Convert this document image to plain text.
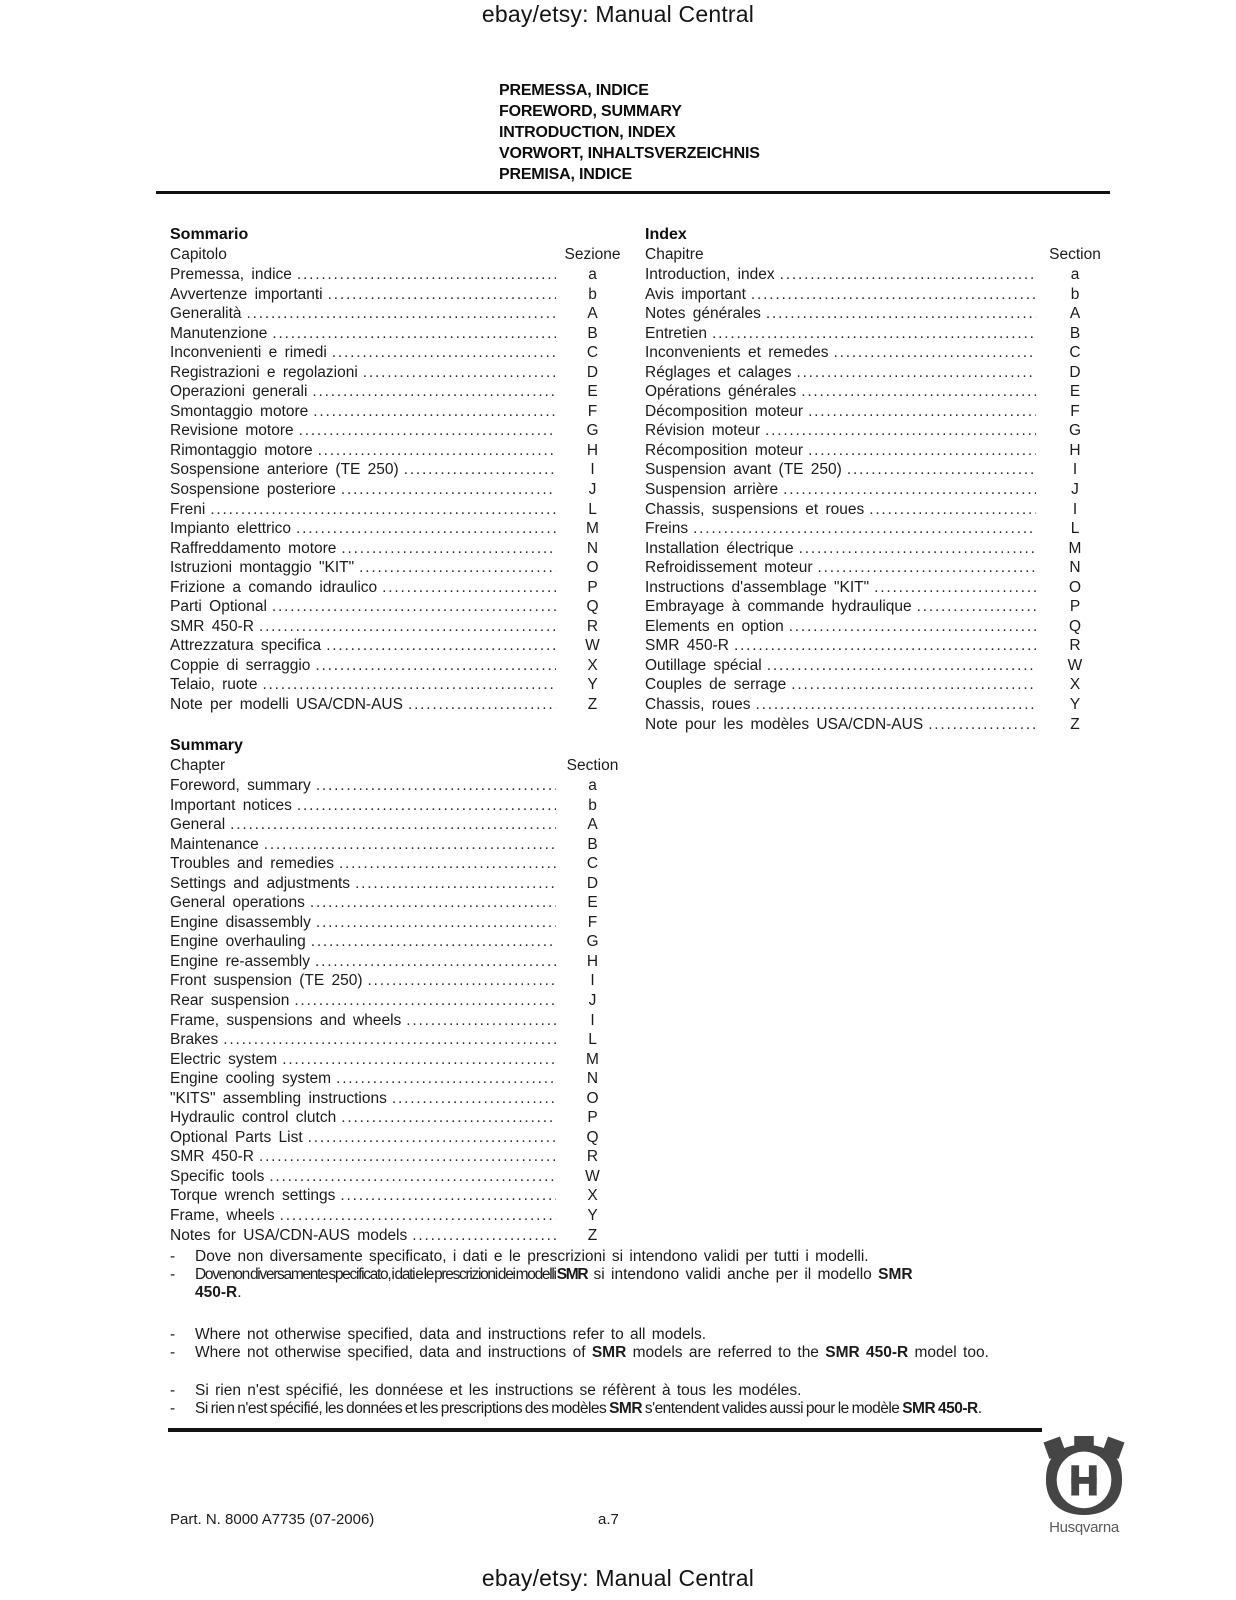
ebay/etsy: Manual Central
PREMESSA, INDICE
FOREWORD, SUMMARY
INTRODUCTION, INDEX
VORWORT, INHALTSVERZEICHNIS
PREMISA, INDICE
Sommario
Capitolo	Sezione
Premessa, indice .....	a
Avvertenze importanti .....	b
Generalità .....	A
Manutenzione .....	B
Inconvenienti e rimedi .....	C
Registrazioni e regolazioni .....	D
Operazioni generali .....	E
Smontaggio motore .....	F
Revisione motore .....	G
Rimontaggio motore .....	H
Sospensione anteriore (TE 250) .....	I
Sospensione posteriore .....	J
Freni .....	L
Impianto elettrico .....	M
Raffreddamento motore .....	N
Istruzioni montaggio "KIT" .....	O
Frizione a comando idraulico .....	P
Parti Optional .....	Q
SMR 450-R .....	R
Attrezzatura specifica .....	W
Coppie di serraggio .....	X
Telaio, ruote .....	Y
Note per modelli USA/CDN-AUS .....	Z
Index
Chapitre	Section
Introduction, index .....	a
Avis important .....	b
Notes générales .....	A
Entretien .....	B
Inconvenients et remedes .....	C
Réglages et calages .....	D
Opérations générales .....	E
Décomposition moteur .....	F
Révision moteur .....	G
Récomposition moteur .....	H
Suspension avant (TE 250) .....	I
Suspension arrière .....	J
Chassis, suspensions et roues .....	I
Freins .....	L
Installation électrique .....	M
Refroidissement moteur .....	N
Instructions d'assemblage "KIT" .....	O
Embrayage à commande hydraulique .....	P
Elements en option .....	Q
SMR 450-R .....	R
Outillage spécial .....	W
Couples de serrage .....	X
Chassis, roues .....	Y
Note pour les modèles USA/CDN-AUS .....	Z
Summary
Chapter	Section
Foreword, summary .....	a
Important notices .....	b
General .....	A
Maintenance .....	B
Troubles and remedies .....	C
Settings and adjustments .....	D
General operations .....	E
Engine disassembly .....	F
Engine overhauling .....	G
Engine re-assembly .....	H
Front suspension (TE 250) .....	I
Rear suspension .....	J
Frame, suspensions and wheels .....	I
Brakes .....	L
Electric system .....	M
Engine cooling system .....	N
"KITS" assembling instructions .....	O
Hydraulic control clutch .....	P
Optional Parts List .....	Q
SMR 450-R .....	R
Specific tools .....	W
Torque wrench settings .....	X
Frame, wheels .....	Y
Notes for USA/CDN-AUS models .....	Z
-	Dove non diversamente specificato, i dati e le prescrizioni si intendono validi per tutti i modelli.
-	Dove non diversamente specificato, i dati e le prescrizioni dei modelli SMR si intendono validi anche per il modello SMR
450-R.
-	Where not otherwise specified, data and instructions refer to all models.
-	Where not otherwise specified, data and instructions of SMR models are referred to the SMR 450-R model too.
-	Si rien n'est spécifié, les donnéese et les instructions se réfèrent à tous les modéles.
-	Si rien n'est spécifié, les données et les prescriptions des modèles SMR s'entendent valides aussi pour le modèle SMR 450-R.
Husqvarna
Part. N. 8000 A7735 (07-2006)	a.7
ebay/etsy: Manual Central
